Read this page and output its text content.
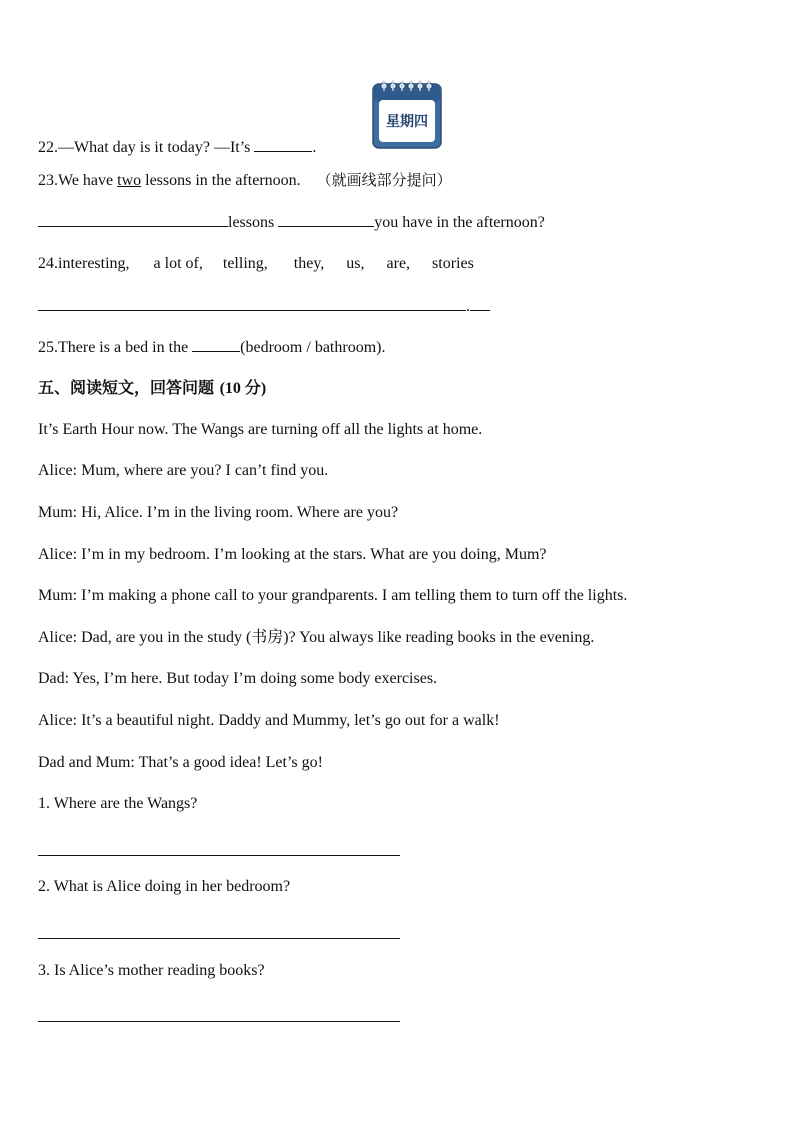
星期四
22.—What day is it today? —It’s	.
23.We have two lessons in the afternoon. （就画线部分提问）
lessons	you have in the afternoon?
24.interesting, a lot of, telling, they, us, are, stories
.
25.There is a bed in the	(bedroom / bathroom).
五、阅读短文，回答问题 (10 分)
It’s Earth Hour now. The Wangs are turning off all the lights at home.
Alice: Mum, where are you? I can’t find you.
Mum: Hi, Alice. I’m in the living room. Where are you?
Alice: I’m in my bedroom. I’m looking at the stars. What are you doing, Mum?
Mum: I’m making a phone call to your grandparents. I am telling them to turn off the lights.
Alice: Dad, are you in the study (书房)? You always like reading books in the evening.
Dad: Yes, I’m here. But today I’m doing some body exercises.
Alice: It’s a beautiful night. Daddy and Mummy, let’s go out for a walk!
Dad and Mum: That’s a good idea! Let’s go!
1. Where are the Wangs?
2. What is Alice doing in her bedroom?
3. Is Alice’s mother reading books?
